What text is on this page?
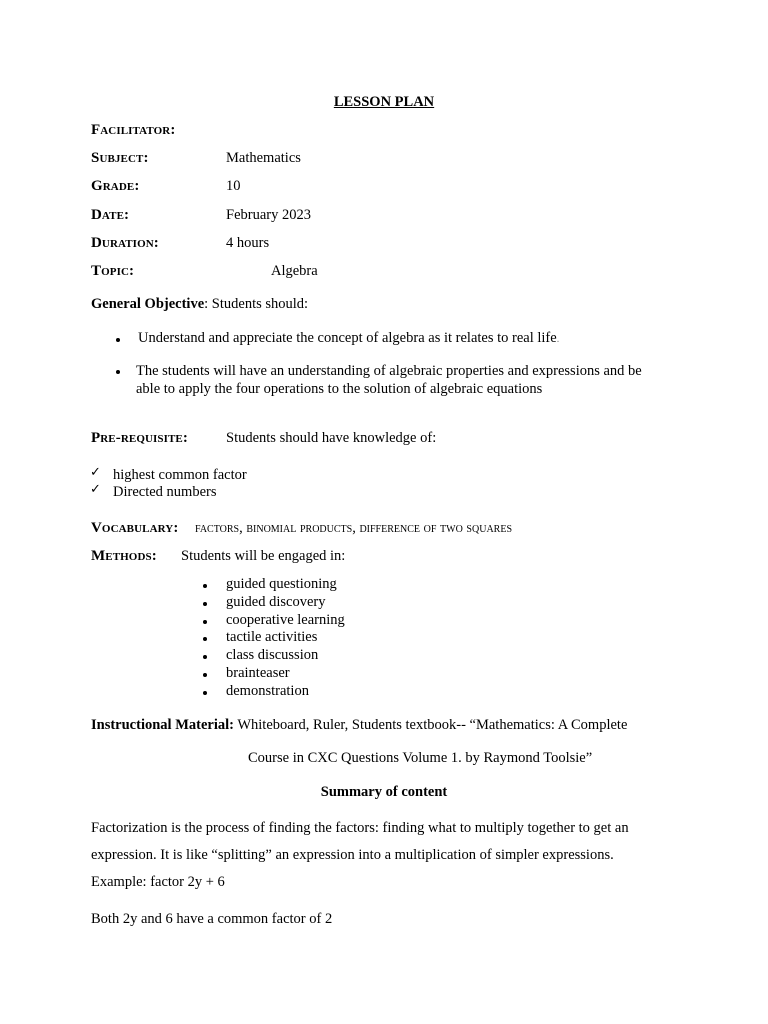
LESSON PLAN
Facilitator:
Subject:	Mathematics
Grade:	10
Date:	February 2023
Duration:	4 hours
Topic:	Algebra
General Objective: Students should:
Understand and appreciate the concept of algebra as it relates to real life.
The students will have an understanding of algebraic properties and expressions and be
able to apply the four operations to the solution of algebraic equations
Pre-requisite:	Students should have knowledge of:
✓ highest common factor
✓ Directed numbers
Vocabulary: factors, binomial products, difference of two squares
Methods: Students will be engaged in:
guided questioning
guided discovery
cooperative learning
tactile activities
class discussion
brainteaser
demonstration
Instructional Material: Whiteboard, Ruler, Students textbook-- “Mathematics: A Complete
Course in CXC Questions Volume 1. by Raymond Toolsie”
Summary of content
Factorization is the process of finding the factors: finding what to multiply together to get an
expression. It is like “splitting” an expression into a multiplication of simpler expressions.
Example: factor 2y + 6
Both 2y and 6 have a common factor of 2
